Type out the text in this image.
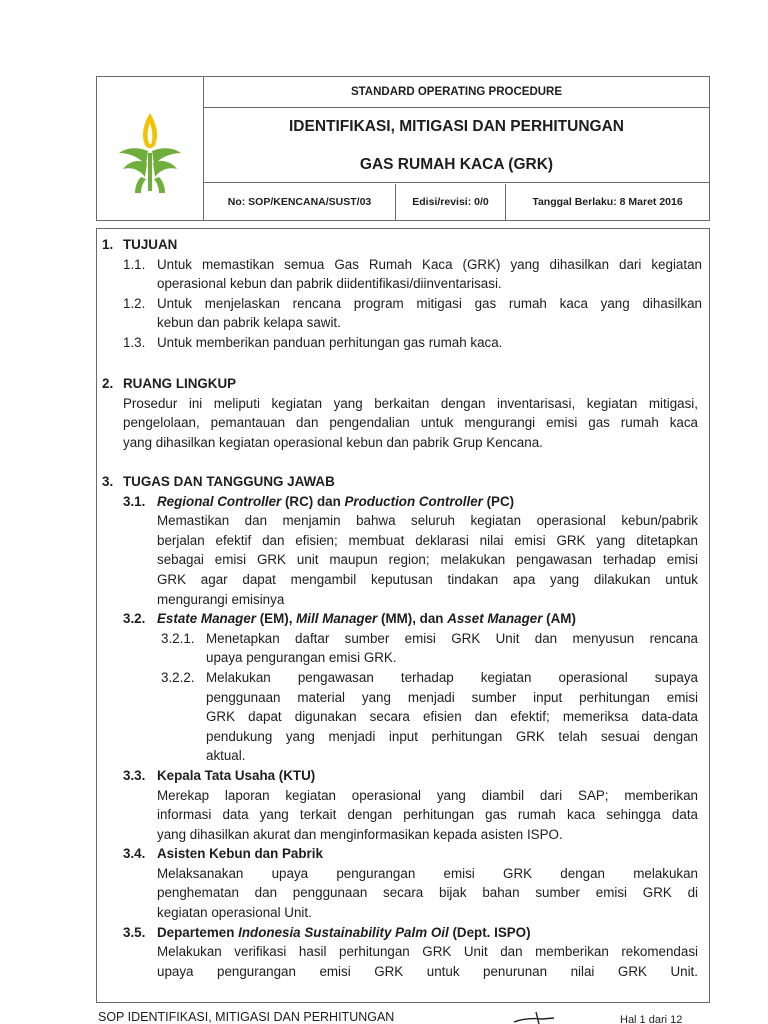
STANDARD OPERATING PROCEDURE
IDENTIFIKASI, MITIGASI DAN PERHITUNGAN
GAS RUMAH KACA (GRK)
No: SOP/KENCANA/SUST/03	Edisi/revisi: 0/0	Tanggal Berlaku: 8 Maret 2016
1. TUJUAN
1.1. Untuk memastikan semua Gas Rumah Kaca (GRK) yang dihasilkan dari kegiatan
operasional kebun dan pabrik diidentifikasi/diinventarisasi.
1.2. Untuk menjelaskan rencana program mitigasi gas rumah kaca yang dihasilkan
kebun dan pabrik kelapa sawit.
1.3. Untuk memberikan panduan perhitungan gas rumah kaca.
2. RUANG LINGKUP
Prosedur ini meliputi kegiatan yang berkaitan dengan inventarisasi, kegiatan mitigasi,
pengelolaan, pemantauan dan pengendalian untuk mengurangi emisi gas rumah kaca
yang dihasilkan kegiatan operasional kebun dan pabrik Grup Kencana.
3. TUGAS DAN TANGGUNG JAWAB
3.1. Regional Controller (RC) dan Production Controller (PC)
Memastikan dan menjamin bahwa seluruh kegiatan operasional kebun/pabrik
berjalan efektif dan efisien; membuat deklarasi nilai emisi GRK yang ditetapkan
sebagai emisi GRK unit maupun region; melakukan pengawasan terhadap emisi
GRK agar dapat mengambil keputusan tindakan apa yang dilakukan untuk
mengurangi emisinya
3.2. Estate Manager (EM), Mill Manager (MM), dan Asset Manager (AM)
3.2.1. Menetapkan daftar sumber emisi GRK Unit dan menyusun rencana
upaya pengurangan emisi GRK.
3.2.2. Melakukan pengawasan terhadap kegiatan operasional supaya
penggunaan material yang menjadi sumber input perhitungan emisi
GRK dapat digunakan secara efisien dan efektif; memeriksa data-data
pendukung yang menjadi input perhitungan GRK telah sesuai dengan
aktual.
3.3. Kepala Tata Usaha (KTU)
Merekap laporan kegiatan operasional yang diambil dari SAP; memberikan
informasi data yang terkait dengan perhitungan gas rumah kaca sehingga data
yang dihasilkan akurat dan menginformasikan kepada asisten ISPO.
3.4. Asisten Kebun dan Pabrik
Melaksanakan upaya pengurangan emisi GRK dengan melakukan
penghematan dan penggunaan secara bijak bahan sumber emisi GRK di
kegiatan operasional Unit.
3.5. Departemen Indonesia Sustainability Palm Oil (Dept. ISPO)
Melakukan verifikasi hasil perhitungan GRK Unit dan memberikan rekomendasi
upaya pengurangan emisi GRK untuk penurunan nilai GRK Unit.
SOP IDENTIFIKASI, MITIGASI DAN PERHITUNGAN	Hal 1 dari 12
